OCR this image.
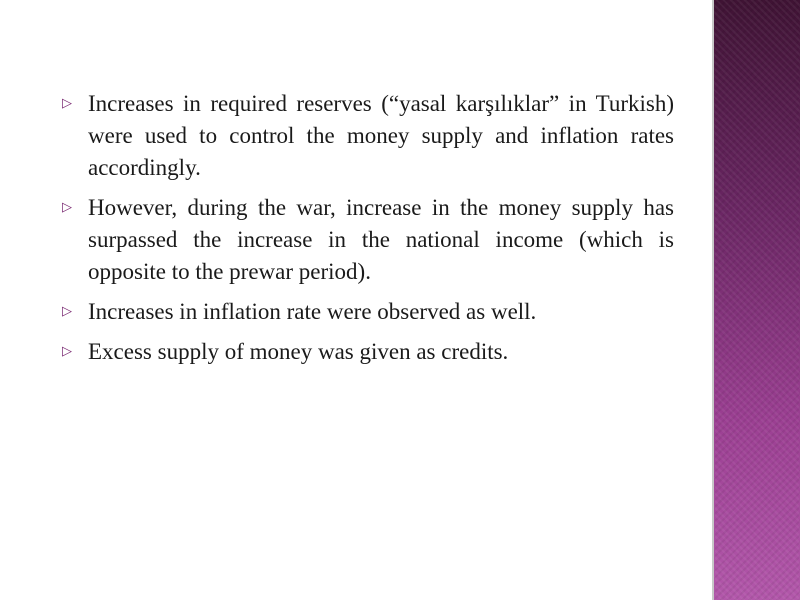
▷ Increases in required reserves (“yasal karşılıklar” in Turkish) were used to control the money supply and inflation rates accordingly.
▷ However, during the war, increase in the money supply has surpassed the increase in the national income (which is opposite to the prewar period).
▷ Increases in inflation rate were observed as well.
▷ Excess supply of money was given as credits.
